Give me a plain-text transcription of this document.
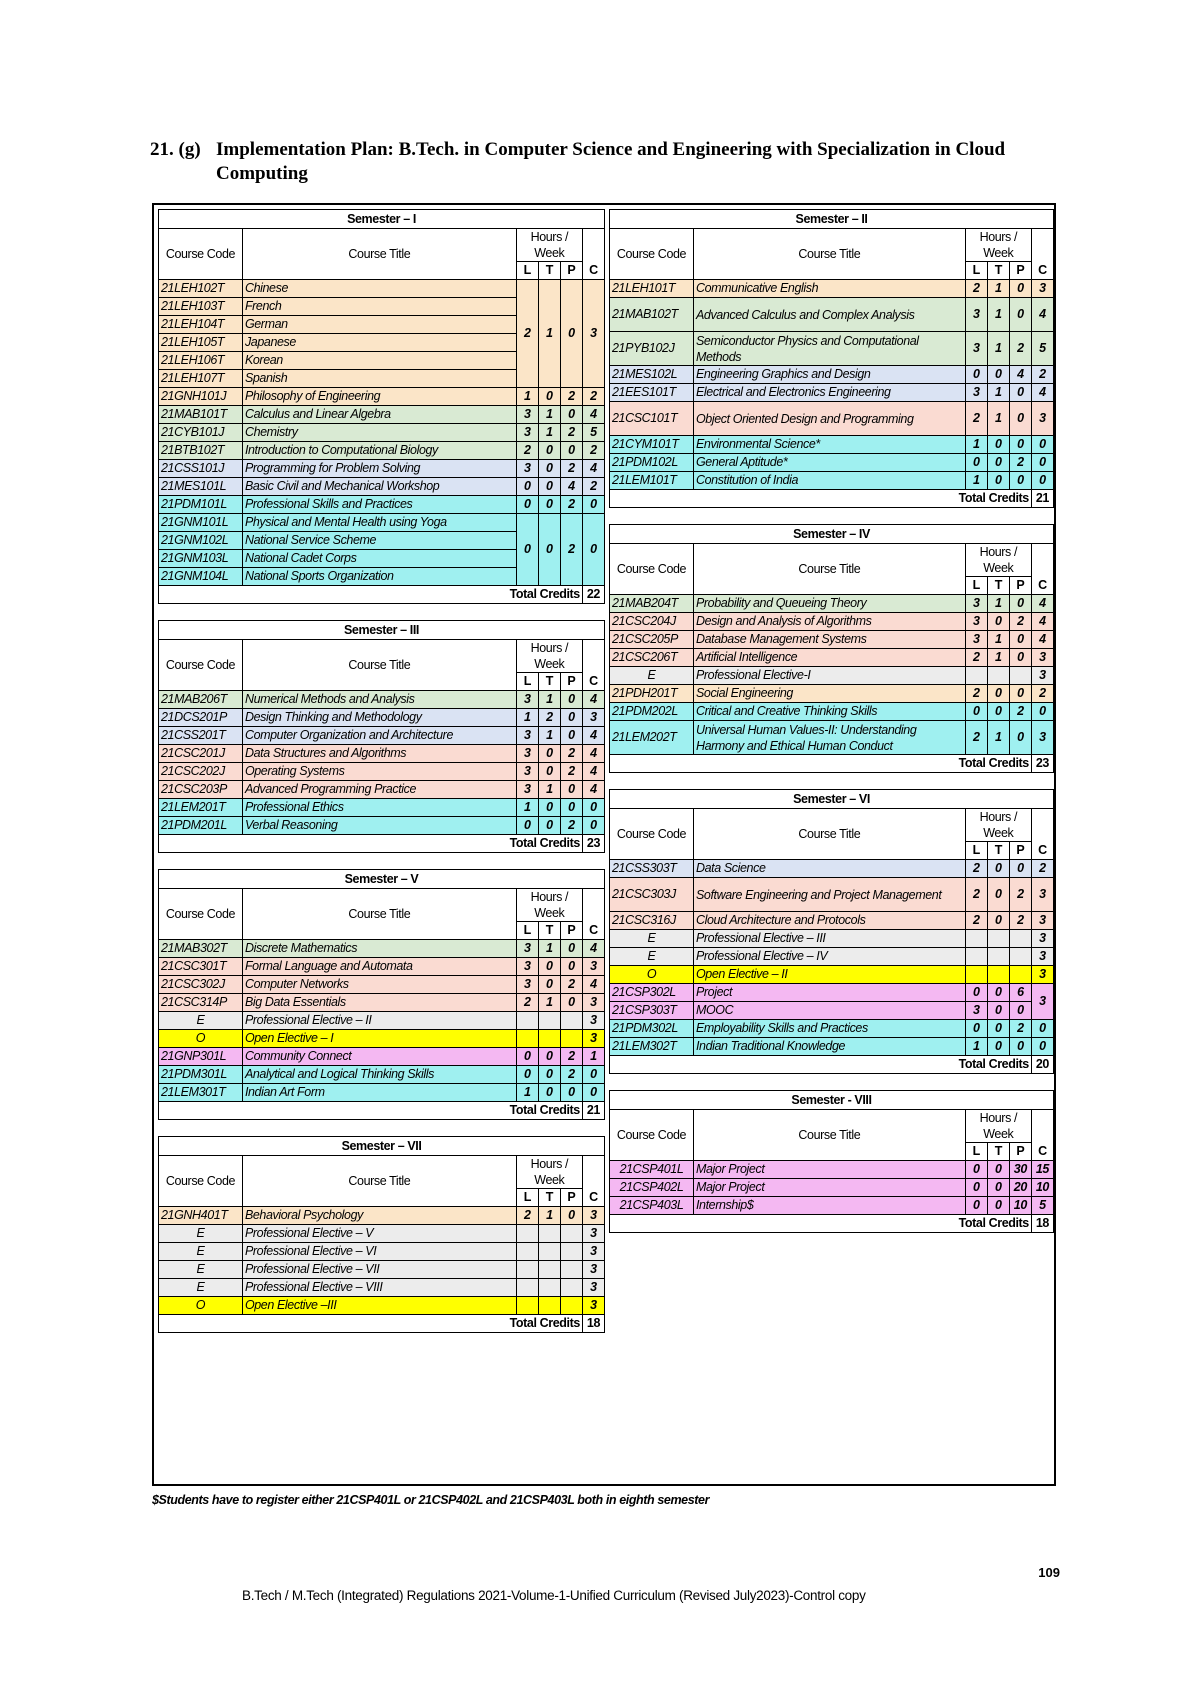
21. (g) Implementation Plan: B.Tech. in Computer Science and Engineering with Specialization in Cloud
Computing
Semester – I					
Course Code	Course Title	Hours / Week			
		L	T	P	C
21LEH102T	Chinese	2	1	0	3
21LEH103T	French				
21LEH104T	German				
21LEH105T	Japanese				
21LEH106T	Korean				
21LEH107T	Spanish				
21GNH101J	Philosophy of Engineering	1	0	2	2
21MAB101T	Calculus and Linear Algebra	3	1	0	4
21CYB101J	Chemistry	3	1	2	5
21BTB102T	Introduction to Computational Biology	2	0	0	2
21CSS101J	Programming for Problem Solving	3	0	2	4
21MES101L	Basic Civil and Mechanical Workshop	0	0	4	2
21PDM101L	Professional Skills and Practices	0	0	2	0
21GNM101L	Physical and Mental Health using Yoga	0	0	2	0
21GNM102L	National Service Scheme				
21GNM103L	National Cadet Corps				
21GNM104L	National Sports Organization				
Total Credits					22
Semester – III					
Course Code	Course Title	Hours / Week			
		L	T	P	C
21MAB206T	Numerical Methods and Analysis	3	1	0	4
21DCS201P	Design Thinking and Methodology	1	2	0	3
21CSS201T	Computer Organization and Architecture	3	1	0	4
21CSC201J	Data Structures and Algorithms	3	0	2	4
21CSC202J	Operating Systems	3	0	2	4
21CSC203P	Advanced Programming Practice	3	1	0	4
21LEM201T	Professional Ethics	1	0	0	0
21PDM201L	Verbal Reasoning	0	0	2	0
Total Credits					23
Semester – V					
Course Code	Course Title	Hours / Week			
		L	T	P	C
21MAB302T	Discrete Mathematics	3	1	0	4
21CSC301T	Formal Language and Automata	3	0	0	3
21CSC302J	Computer Networks	3	0	2	4
21CSC314P	Big Data Essentials	2	1	0	3
E	Professional Elective – II				3
O	Open Elective – I				3
21GNP301L	Community Connect	0	0	2	1
21PDM301L	Analytical and Logical Thinking Skills	0	0	2	0
21LEM301T	Indian Art Form	1	0	0	0
Total Credits					21
Semester – VII					
Course Code	Course Title	Hours / Week			
		L	T	P	C
21GNH401T	Behavioral Psychology	2	1	0	3
E	Professional Elective – V				3
E	Professional Elective – VI				3
E	Professional Elective – VII				3
E	Professional Elective – VIII				3
O	Open Elective –III				3
Total Credits					18
Semester – II					
Course Code	Course Title	Hours / Week			
		L	T	P	C
21LEH101T	Communicative English	2	1	0	3
21MAB102T	Advanced Calculus and Complex Analysis	3	1	0	4
21PYB102J	Semiconductor Physics and Computational Methods	3	1	2	5
21MES102L	Engineering Graphics and Design	0	0	4	2
21EES101T	Electrical and Electronics Engineering	3	1	0	4
21CSC101T	Object Oriented Design and Programming	2	1	0	3
21CYM101T	Environmental Science*	1	0	0	0
21PDM102L	General Aptitude*	0	0	2	0
21LEM101T	Constitution of India	1	0	0	0
Total Credits					21
Semester – IV					
Course Code	Course Title	Hours / Week			
		L	T	P	C
21MAB204T	Probability and Queueing Theory	3	1	0	4
21CSC204J	Design and Analysis of Algorithms	3	0	2	4
21CSC205P	Database Management Systems	3	1	0	4
21CSC206T	Artificial Intelligence	2	1	0	3
E	Professional Elective-I				3
21PDH201T	Social Engineering	2	0	0	2
21PDM202L	Critical and Creative Thinking Skills	0	0	2	0
21LEM202T	Universal Human Values-II: Understanding Harmony and Ethical Human Conduct	2	1	0	3
Total Credits					23
Semester – VI					
Course Code	Course Title	Hours / Week			
		L	T	P	C
21CSS303T	Data Science	2	0	0	2
21CSC303J	Software Engineering and Project Management	2	0	2	3
21CSC316J	Cloud Architecture and Protocols	2	0	2	3
E	Professional Elective – III				3
E	Professional Elective – IV				3
O	Open Elective – II				3
21CSP302L	Project	0	0	6	3
21CSP303T	MOOC	3	0	0	
21PDM302L	Employability Skills and Practices	0	0	2	0
21LEM302T	Indian Traditional Knowledge	1	0	0	0
Total Credits					20
Semester - VIII					
Course Code	Course Title	Hours / Week			
		L	T	P	C
21CSP401L	Major Project	0	0	30	15
21CSP402L	Major Project	0	0	20	10
21CSP403L	Internship$	0	0	10	5
Total Credits					18
$Students have to register either 21CSP401L or 21CSP402L and 21CSP403L both in eighth semester
109
B.Tech / M.Tech (Integrated) Regulations 2021-Volume-1-Unified Curriculum (Revised July2023)-Control copy
